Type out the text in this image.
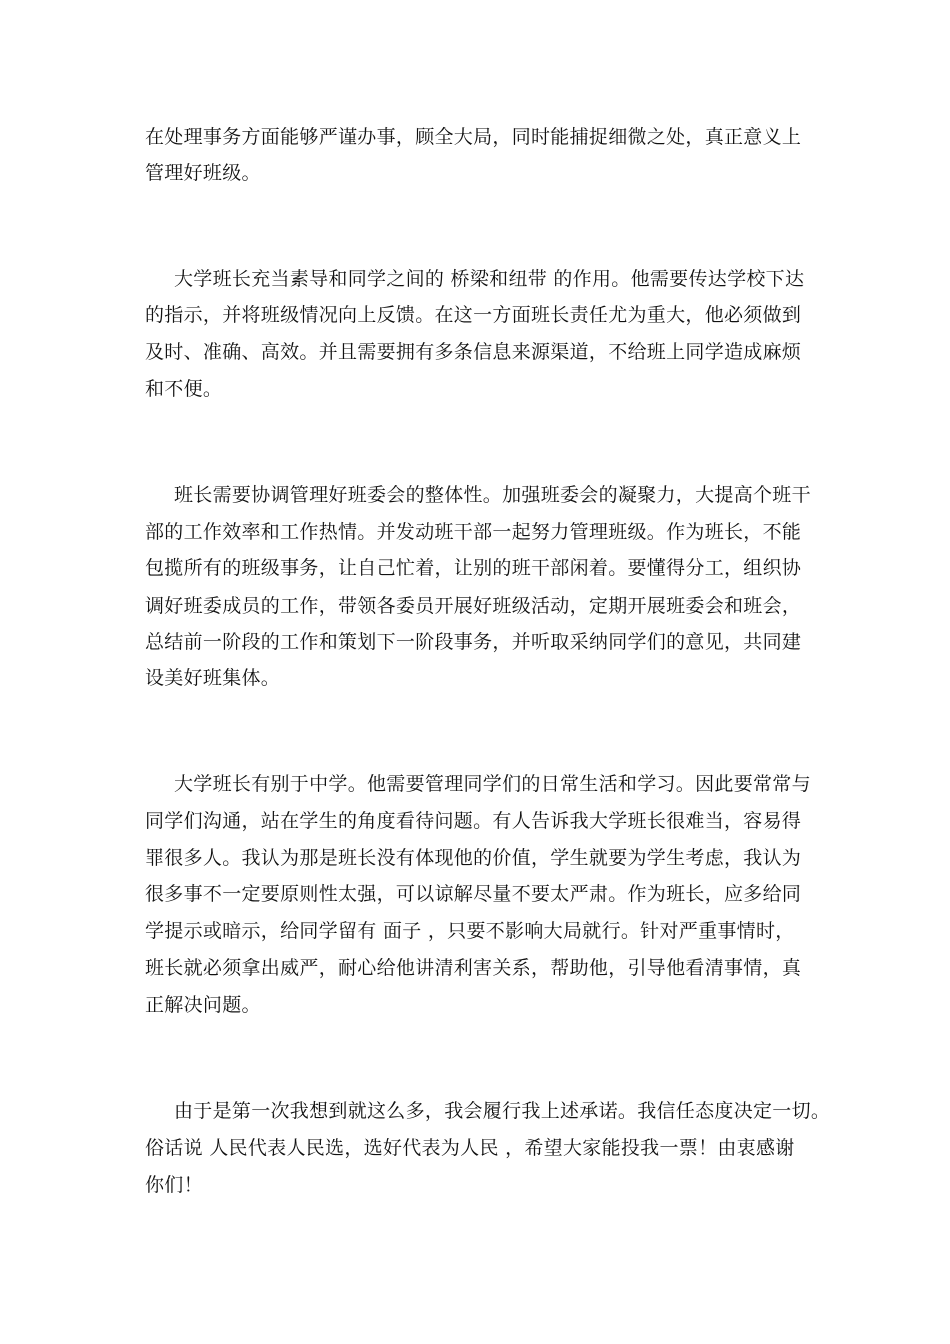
在处理事务方面能够严谨办事，顾全大局，同时能捕捉细微之处，真正意义上
管理好班级。
大学班长充当素导和同学之间的 桥梁和纽带 的作用。他需要传达学校下达
的指示，并将班级情况向上反馈。在这一方面班长责任尤为重大，他必须做到
及时、准确、高效。并且需要拥有多条信息来源渠道，不给班上同学造成麻烦
和不便。
班长需要协调管理好班委会的整体性。加强班委会的凝聚力，大提高个班干
部的工作效率和工作热情。并发动班干部一起努力管理班级。作为班长，不能
包揽所有的班级事务，让自己忙着，让别的班干部闲着。要懂得分工，组织协
调好班委成员的工作，带领各委员开展好班级活动，定期开展班委会和班会，
总结前一阶段的工作和策划下一阶段事务，并听取采纳同学们的意见，共同建
设美好班集体。
大学班长有别于中学。他需要管理同学们的日常生活和学习。因此要常常与
同学们沟通，站在学生的角度看待问题。有人告诉我大学班长很难当，容易得
罪很多人。我认为那是班长没有体现他的价值，学生就要为学生考虑，我认为
很多事不一定要原则性太强，可以谅解尽量不要太严肃。作为班长，应多给同
学提示或暗示，给同学留有 面子 ，只要不影响大局就行。针对严重事情时，
班长就必须拿出威严，耐心给他讲清利害关系，帮助他，引导他看清事情，真
正解决问题。
由于是第一次我想到就这么多，我会履行我上述承诺。我信任态度决定一切。
俗话说 人民代表人民选，选好代表为人民 ，希望大家能投我一票！由衷感谢
你们！
